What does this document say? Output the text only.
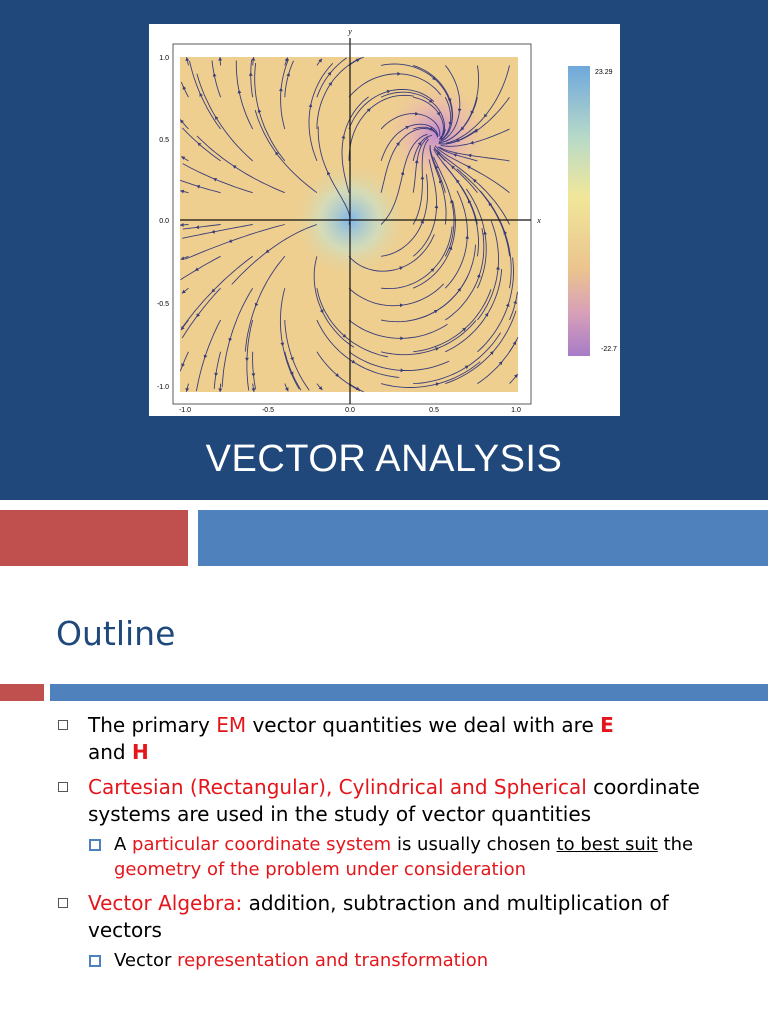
y
x
1.0
0.5
0.0
-0.5
-1.0
-1.0	-0.5	0.0	0.5	1.0
23.29
-22.7
VECTOR ANALYSIS
Outline
The primary EM vector quantities we deal with are E
and H
Cartesian (Rectangular), Cylindrical and Spherical coordinate systems are used in the study of vector quantities
A particular coordinate system is usually chosen to best suit the geometry of the problem under consideration
Vector Algebra: addition, subtraction and multiplication of vectors
Vector representation and transformation
